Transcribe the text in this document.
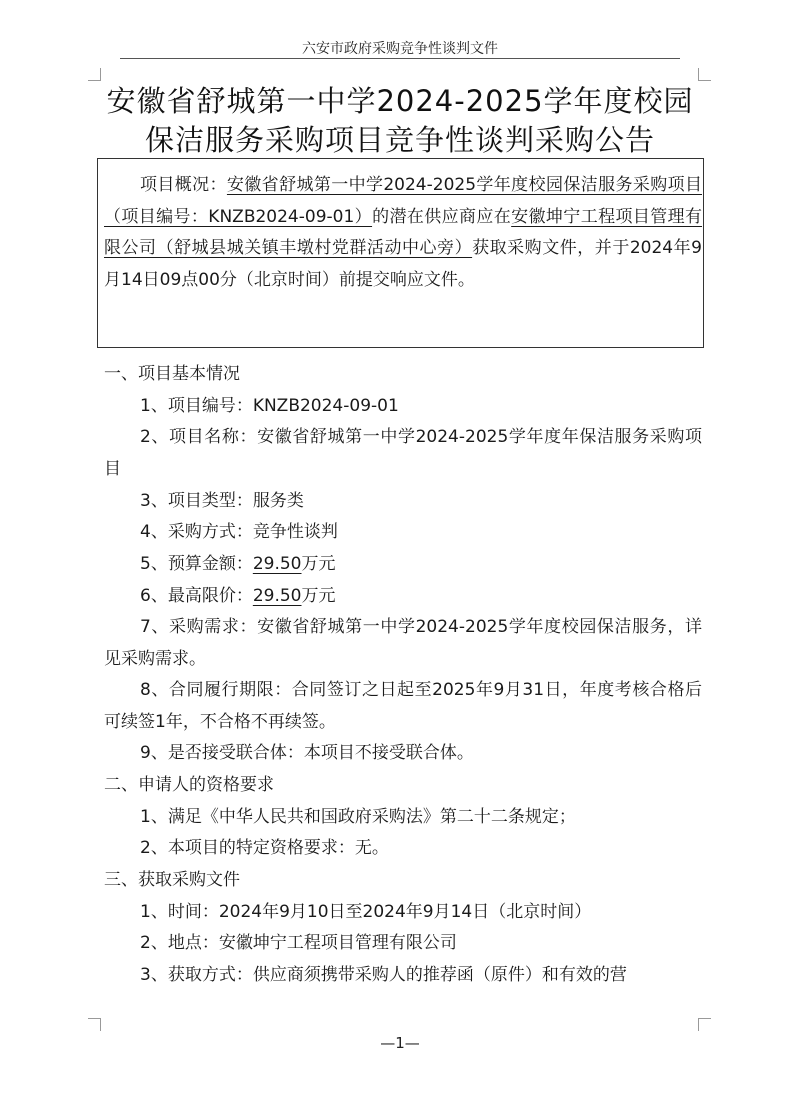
六安市政府采购竞争性谈判文件
安徽省舒城第一中学2024-2025学年度校园
保洁服务采购项目竞争性谈判采购公告
项目概况：安徽省舒城第一中学2024-2025学年度校园保洁服务采购项目（项目编号：KNZB2024-09-01）的潜在供应商应在安徽坤宁工程项目管理有限公司（舒城县城关镇丰墩村党群活动中心旁）获取采购文件，并于2024年9月14日09点00分（北京时间）前提交响应文件。
一、项目基本情况
1、项目编号：KNZB2024-09-01
2、项目名称：安徽省舒城第一中学2024-2025学年度年保洁服务采购项目
3、项目类型：服务类
4、采购方式：竞争性谈判
5、预算金额：29.50万元
6、最高限价：29.50万元
7、采购需求：安徽省舒城第一中学2024-2025学年度校园保洁服务，详见采购需求。
8、合同履行期限：合同签订之日起至2025年9月31日，年度考核合格后可续签1年，不合格不再续签。
9、是否接受联合体：本项目不接受联合体。
二、申请人的资格要求
1、满足《中华人民共和国政府采购法》第二十二条规定；
2、本项目的特定资格要求：无。
三、获取采购文件
1、时间：2024年9月10日至2024年9月14日（北京时间）
2、地点：安徽坤宁工程项目管理有限公司
3、获取方式：供应商须携带采购人的推荐函（原件）和有效的营
—1—
